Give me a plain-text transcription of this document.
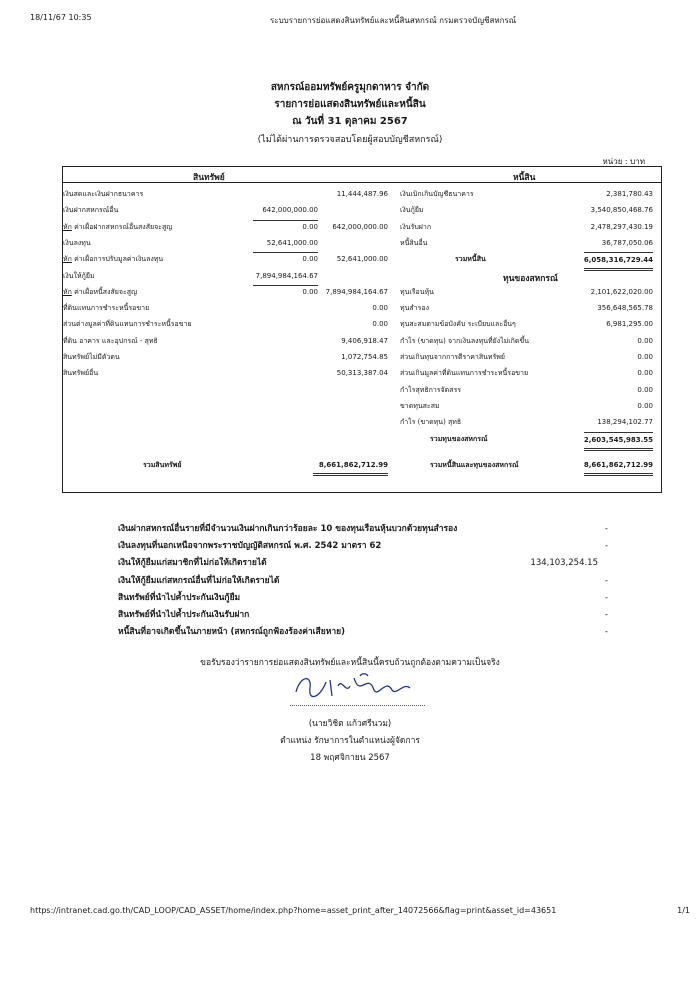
18/11/67 10:35	ระบบรายการย่อแสดงสินทรัพย์และหนี้สินสหกรณ์ กรมตรวจบัญชีสหกรณ์
สหกรณ์ออมทรัพย์ครูมุกดาหาร จำกัด
รายการย่อแสดงสินทรัพย์และหนี้สิน
ณ วันที่ 31 ตุลาคม 2567
(ไม่ได้ผ่านการตรวจสอบโดยผู้สอบบัญชีสหกรณ์)
หน่วย : บาท
สินทรัพย์	หนี้สิน
เงินสดและเงินฝากธนาคาร	11,444,487.96
เงินฝากสหกรณ์อื่น	642,000,000.00
หัก ค่าเผื่อฝากสหกรณ์อื่นสงสัยจะสูญ	0.00	642,000,000.00
เงินลงทุน	52,641,000.00
หัก ค่าเผื่อการปรับมูลค่าเงินลงทุน	0.00	52,641,000.00
เงินให้กู้ยืม	7,894,984,164.67
หัก ค่าเผื่อหนี้สงสัยจะสูญ	0.00	7,894,984,164.67
ที่ดินแทนการชำระหนี้รอขาย	0.00
ส่วนต่างมูลค่าที่ดินแทนการชำระหนี้รอขาย	0.00
ที่ดิน อาคาร และอุปกรณ์ - สุทธิ	9,406,918.47
สินทรัพย์ไม่มีตัวตน	1,072,754.85
สินทรัพย์อื่น	50,313,387.04
เงินเบิกเกินบัญชีธนาคาร	2,381,780.43
เงินกู้ยืม	3,540,850,468.76
เงินรับฝาก	2,478,297,430.19
หนี้สินอื่น	36,787,050.06
รวมหนี้สิน	6,058,316,729.44
ทุนของสหกรณ์
ทุนเรือนหุ้น	2,101,622,020.00
ทุนสำรอง	356,648,565.78
ทุนสะสมตามข้อบังคับ ระเบียบและอื่นๆ	6,981,295.00
กำไร (ขาดทุน) จากเงินลงทุนที่ยังไม่เกิดขึ้น	0.00
ส่วนเกินทุนจากการตีราคาสินทรัพย์	0.00
ส่วนเกินมูลค่าที่ดินแทนการชำระหนี้รอขาย	0.00
กำไรสุทธิการจัดสรร	0.00
ขาดทุนสะสม	0.00
กำไร (ขาดทุน) สุทธิ	138,294,102.77
รวมทุนของสหกรณ์	2,603,545,983.55
รวมหนี้สินและทุนของสหกรณ์	8,661,862,712.99
รวมสินทรัพย์	8,661,862,712.99
เงินฝากสหกรณ์อื่นรายที่มีจำนวนเงินฝากเกินกว่าร้อยละ 10 ของทุนเรือนหุ้นบวกด้วยทุนสำรอง	-
เงินลงทุนที่นอกเหนือจากพระราชบัญญัติสหกรณ์ พ.ศ. 2542 มาตรา 62	-
เงินให้กู้ยืมแก่สมาชิกที่ไม่ก่อให้เกิดรายได้	134,103,254.15
เงินให้กู้ยืมแก่สหกรณ์อื่นที่ไม่ก่อให้เกิดรายได้	-
สินทรัพย์ที่นำไปค้ำประกันเงินกู้ยืม	-
สินทรัพย์ที่นำไปค้ำประกันเงินรับฝาก	-
หนี้สินที่อาจเกิดขึ้นในภายหน้า (สหกรณ์ถูกฟ้องร้องค่าเสียหาย)	-
ขอรับรองว่ารายการย่อแสดงสินทรัพย์และหนี้สินนี้ครบถ้วนถูกต้องตามความเป็นจริง
(นายวิชิต แก้วศรีนวม)
ตำแหน่ง รักษาการในตำแหน่งผู้จัดการ
18 พฤศจิกายน 2567
https://intranet.cad.go.th/CAD_LOOP/CAD_ASSET/home/index.php?home=asset_print_after_14072566&flag=print&asset_id=43651	1/1
